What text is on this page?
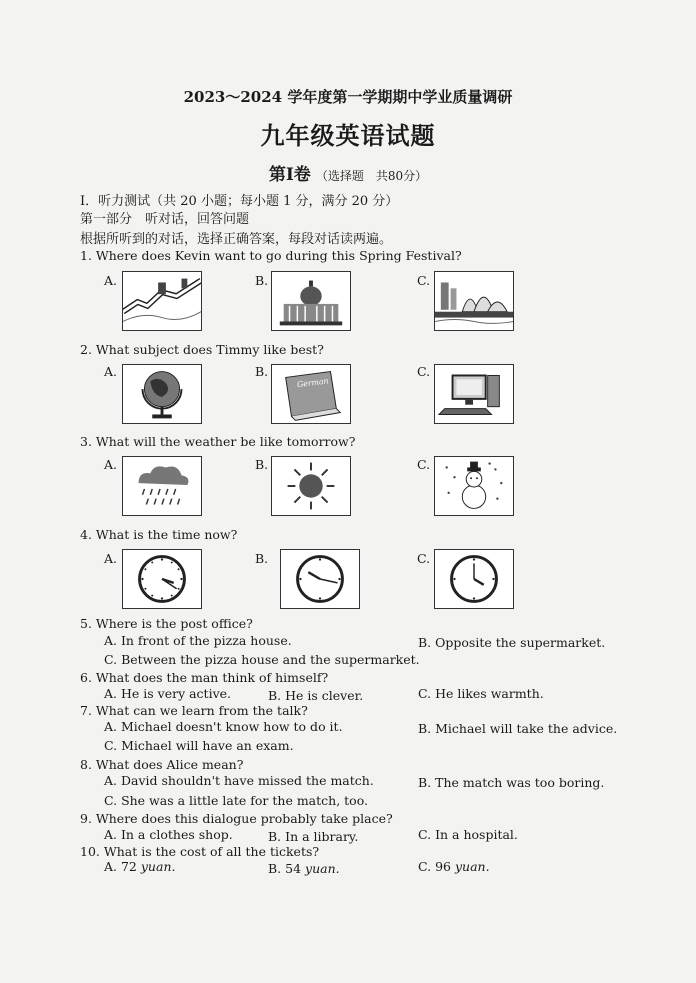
2023～2024 学年度第一学期期中学业质量调研
九年级英语试题
第Ⅰ卷 （选择题　共80分）
Ⅰ．听力测试（共 20 小题；每小题 1 分，满分 20 分）
第一部分　听对话，回答问题
根据所听到的对话，选择正确答案，每段对话读两遍。
1. Where does Kevin want to go during this Spring Festival?
A.	B.	C.
2. What subject does Timmy like best?
A.	B.	C.
German
3. What will the weather be like tomorrow?
A.	B.	C.
4. What is the time now?
A.	B.	C.
5. Where is the post office?
A. In front of the pizza house.	B. Opposite the supermarket.
C. Between the pizza house and the supermarket.
6. What does the man think of himself?
A. He is very active.	B. He is clever.	C. He likes warmth.
7. What can we learn from the talk?
A. Michael doesn't know how to do it.	B. Michael will take the advice.
C. Michael will have an exam.
8. What does Alice mean?
A. David shouldn't have missed the match.	B. The match was too boring.
C. She was a little late for the match, too.
9. Where does this dialogue probably take place?
A. In a clothes shop.	B. In a library.	C. In a hospital.
10. What is the cost of all the tickets?
A. 72 yuan.	B. 54 yuan.	C. 96 yuan.
